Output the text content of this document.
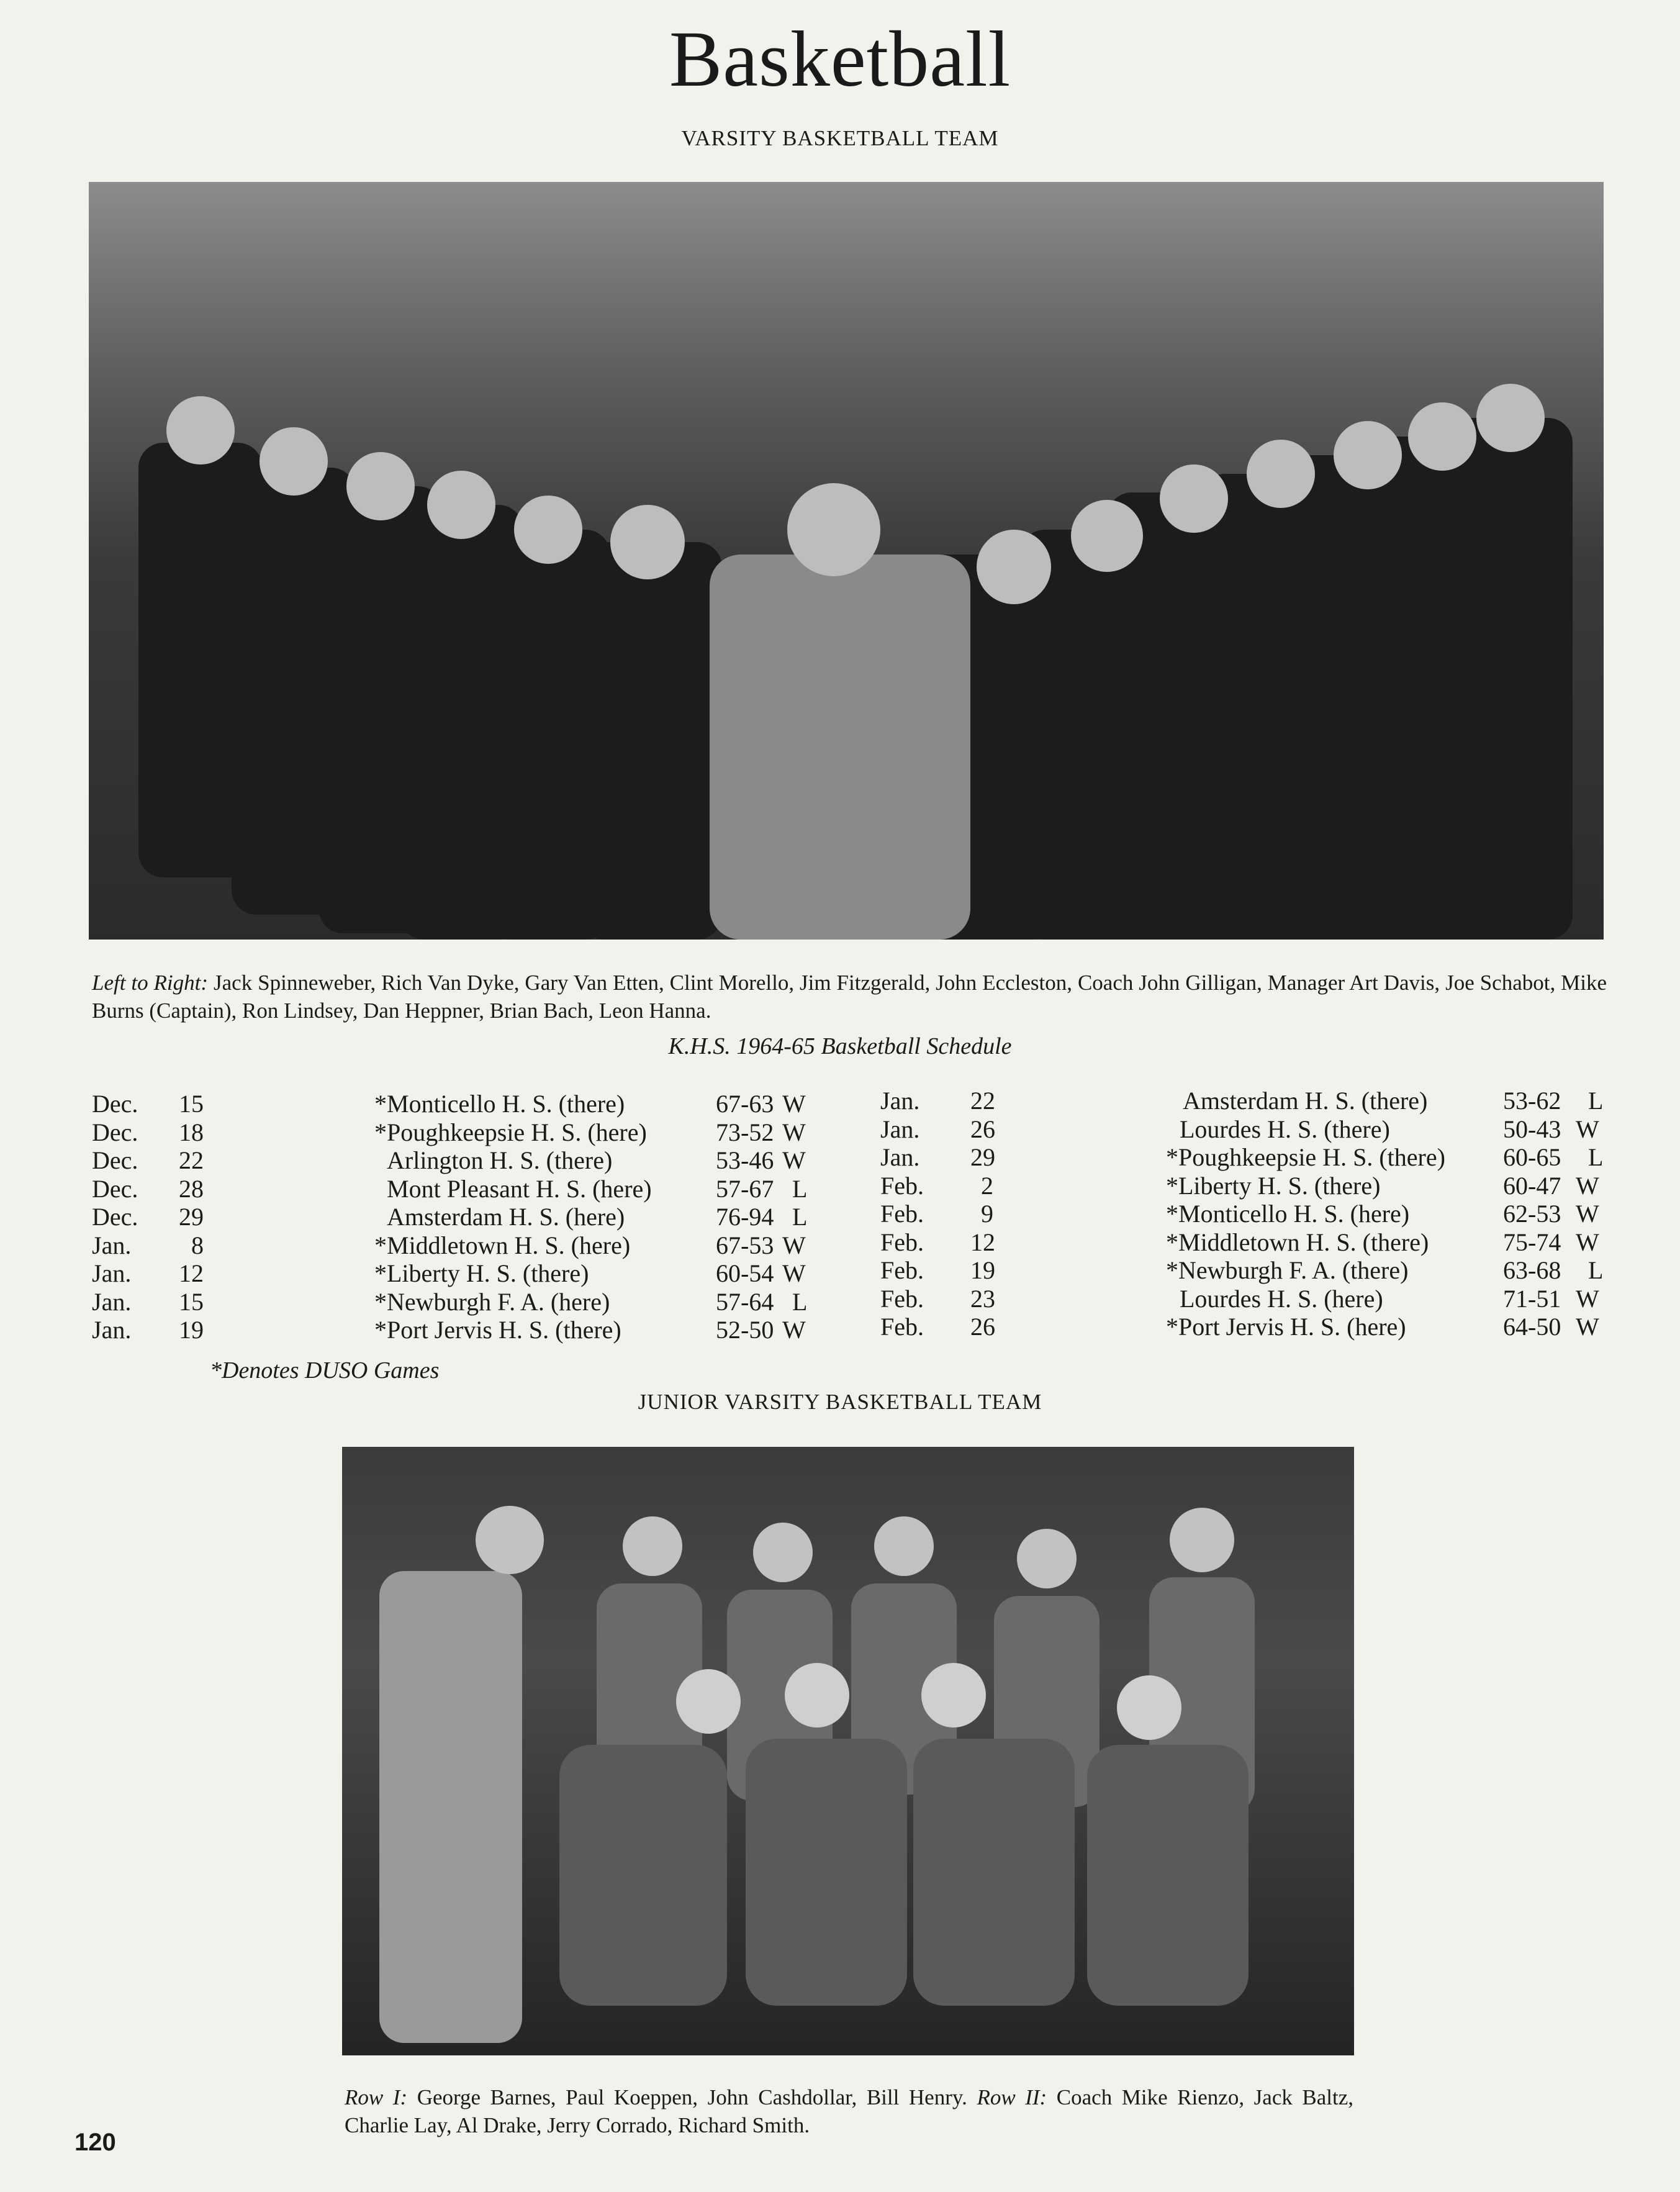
Basketball
VARSITY BASKETBALL TEAM
Left to Right: Jack Spinneweber, Rich Van Dyke, Gary Van Etten, Clint Morello, Jim Fitzgerald, John Eccleston, Coach John Gilligan, Manager Art Davis, Joe Schabot, Mike Burns (Captain), Ron Lindsey, Dan Heppner, Brian Bach, Leon Hanna.
K.H.S. 1964-65 Basketball Schedule
Dec. 15	*Monticello H. S. (there)	67-63 W
Dec. 18	*Poughkeepsie H. S. (here)	73-52 W
Dec. 22	Arlington H. S. (there)	53-46 W
Dec. 28	Mont Pleasant H. S. (here)	57-67 L
Dec. 29	Amsterdam H. S. (here)	76-94 L
Jan. 8	*Middletown H. S. (here)	67-53 W
Jan. 12	*Liberty H. S. (there)	60-54 W
Jan. 15	*Newburgh F. A. (here)	57-64 L
Jan. 19	*Port Jervis H. S. (there)	52-50 W
Jan. 22	Amsterdam H. S. (there)	53-62 L
Jan. 26	Lourdes H. S. (there)	50-43 W
Jan. 29	*Poughkeepsie H. S. (there) 60-65 L
Feb. 2	*Liberty H. S. (there)	60-47 W
Feb. 9	*Monticello H. S. (here)	62-53 W
Feb. 12	*Middletown H. S. (there)	75-74 W
Feb. 19	*Newburgh F. A. (there)	63-68 L
Feb. 23	Lourdes H. S. (here)	71-51 W
Feb. 26	*Port Jervis H. S. (here)	64-50 W
*Denotes DUSO Games
JUNIOR VARSITY BASKETBALL TEAM
Row I: George Barnes, Paul Koeppen, John Cashdollar, Bill Henry. Row II: Coach Mike Rienzo, Jack Baltz, Charlie Lay, Al Drake, Jerry Corrado, Richard Smith.
120
